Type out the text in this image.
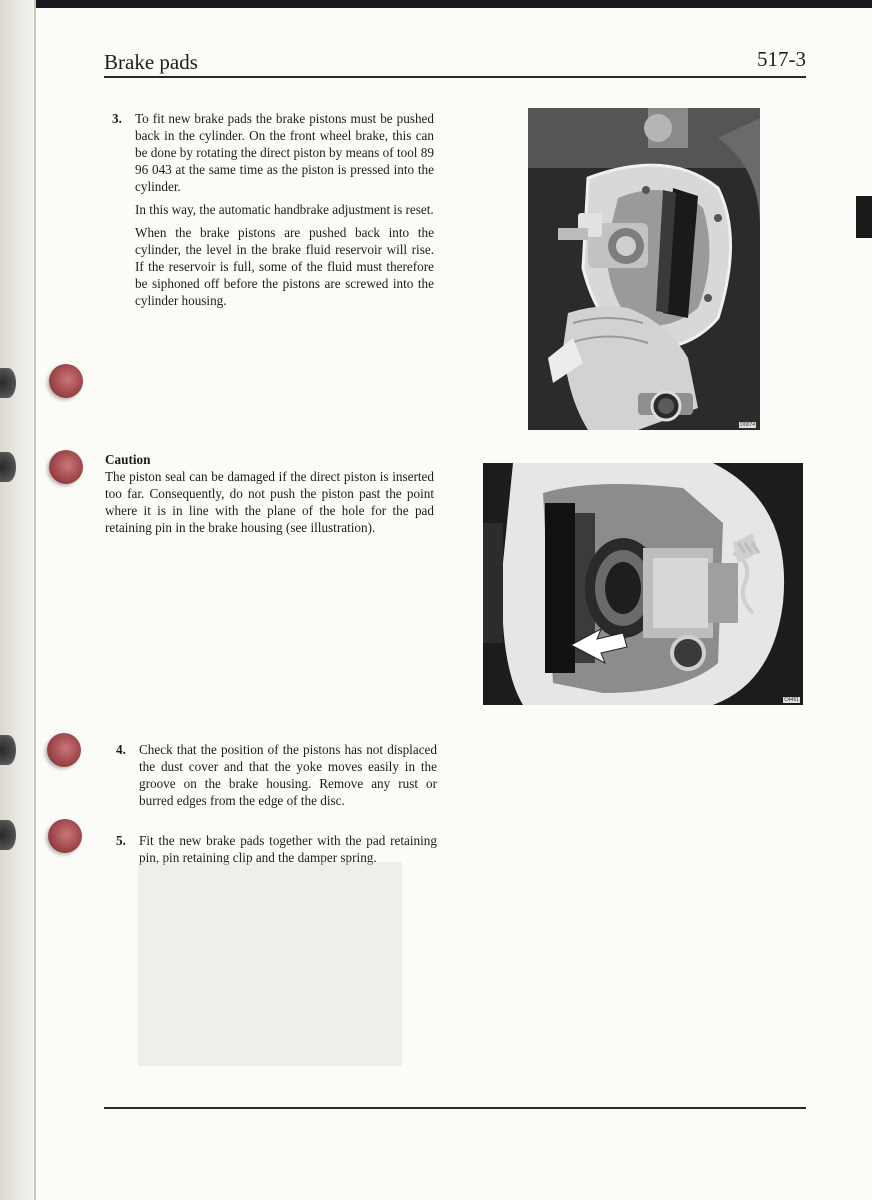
Brake pads	517-3
3. To fit new brake pads the brake pistons must be pushed back in the cylinder. On the front wheel brake, this can be done by rotating the direct piston by means of tool 89 96 043 at the same time as the piston is pressed into the cylinder.

In this way, the automatic handbrake adjustment is reset.

When the brake pistons are pushed back into the cylinder, the level in the brake fluid reservoir will rise. If the reservoir is full, some of the fluid must therefore be siphoned off before the pistons are screwed into the cylinder housing.

Caution
The piston seal can be damaged if the direct piston is inserted too far. Consequently, do not push the piston past the point where it is in line with the plane of the hole for the pad retaining pin in the brake housing (see illustration).
4. Check that the position of the pistons has not displaced the dust cover and that the yoke moves easily in the groove on the brake housing. Remove any rust or burred edges from the edge of the disc.

5. Fit the new brake pads together with the pad retaining pin, pin retaining clip and the damper spring.

D0074
C4461
